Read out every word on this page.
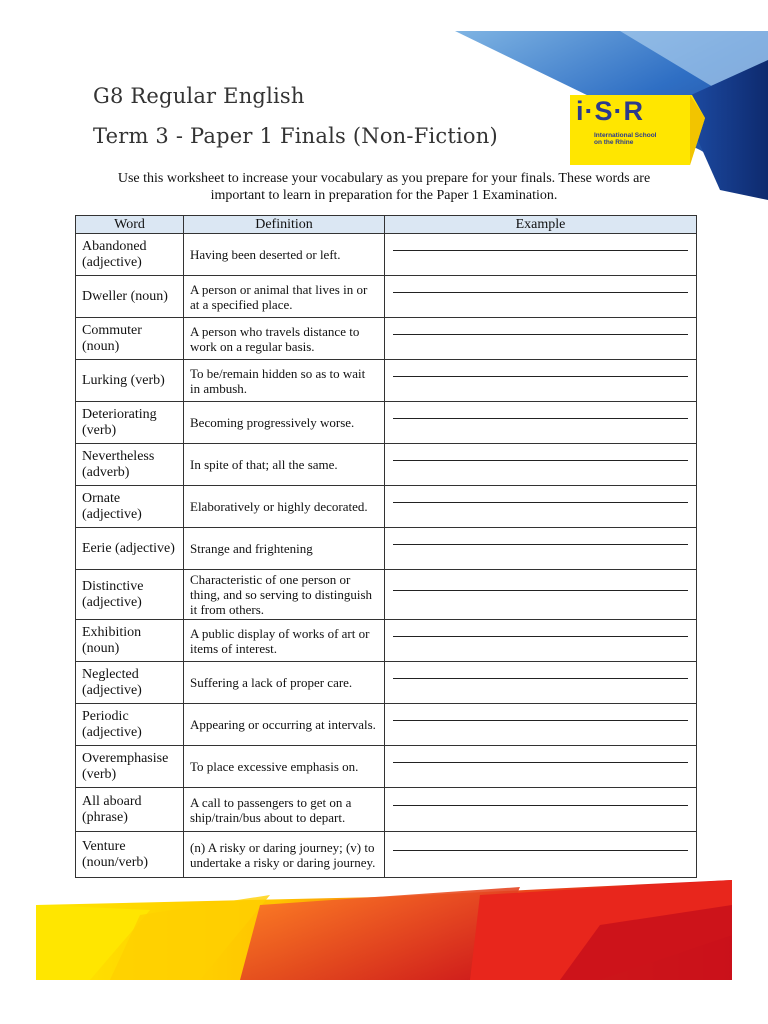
i·S·R
International School on the Rhine
G8 Regular English
Term 3 - Paper 1 Finals (Non-Fiction)
Use this worksheet to increase your vocabulary as you prepare for your finals. These words are important to learn in preparation for the Paper 1 Examination.
Word	Definition	Example
Abandoned (adjective)	Having been deserted or left.	

Dweller (noun)	A person or animal that lives in or at a specified place.	

Commuter (noun)	A person who travels distance to work on a regular basis.	

Lurking (verb)	To be/remain hidden so as to wait in ambush.	

Deteriorating (verb)	Becoming progressively worse.	

Nevertheless (adverb)	In spite of that; all the same.	

Ornate (adjective)	Elaboratively or highly decorated.	

Eerie (adjective)	Strange and frightening	

Distinctive (adjective)	Characteristic of one person or thing, and so serving to distinguish it from others.	

Exhibition (noun)	A public display of works of art or items of interest.	

Neglected (adjective)	Suffering a lack of proper care.	

Periodic (adjective)	Appearing or occurring at intervals.	

Overemphasise (verb)	To place excessive emphasis on.	

All aboard (phrase)	A call to passengers to get on a ship/train/bus about to depart.	

Venture (noun/verb)	(n) A risky or daring journey; (v) to undertake a risky or daring journey.	
